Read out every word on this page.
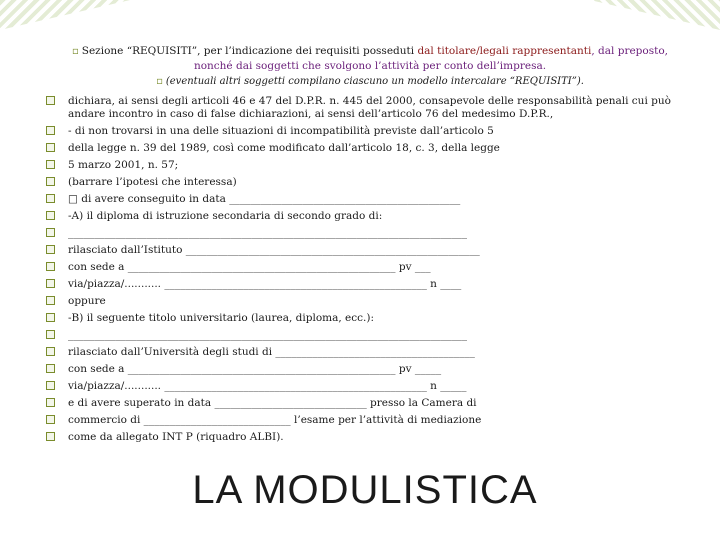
▫ Sezione “REQUISITI”, per l’indicazione dei requisiti posseduti dal titolare/legali rappresentanti, dal preposto,
nonché dai soggetti che svolgono l’attività per conto dell’impresa.
▫ (eventuali altri soggetti compilano ciascuno un modello intercalare “REQUISITI”).
dichiara, ai sensi degli articoli 46 e 47 del D.P.R. n. 445 del 2000, consapevole delle responsabilità penali cui può andare incontro in caso di false dichiarazioni, ai sensi dell’articolo 76 del medesimo D.P.R.,
- di non trovarsi in una delle situazioni di incompatibilità previste dall’articolo 5
della legge n. 39 del 1989, così come modificato dall’articolo 18, c. 3, della legge
5 marzo 2001, n. 57;
(barrare l’ipotesi che interessa)
□ di avere conseguito in data ____________________________________________
-A) il diploma di istruzione secondaria di secondo grado di:
____________________________________________________________________________
rilasciato dall’Istituto ________________________________________________________
con sede a ___________________________________________________ pv ___
via/piazza/........... __________________________________________________ n ____
oppure
-B) il seguente titolo universitario (laurea, diploma, ecc.):
____________________________________________________________________________
rilasciato dall’Università degli studi di ______________________________________
con sede a ___________________________________________________ pv _____
via/piazza/........... __________________________________________________ n _____
e di avere superato in data _____________________________ presso la Camera di
commercio di ____________________________ l’esame per l’attività di mediazione
come da allegato INT P (riquadro ALBI).
LA MODULISTICA
